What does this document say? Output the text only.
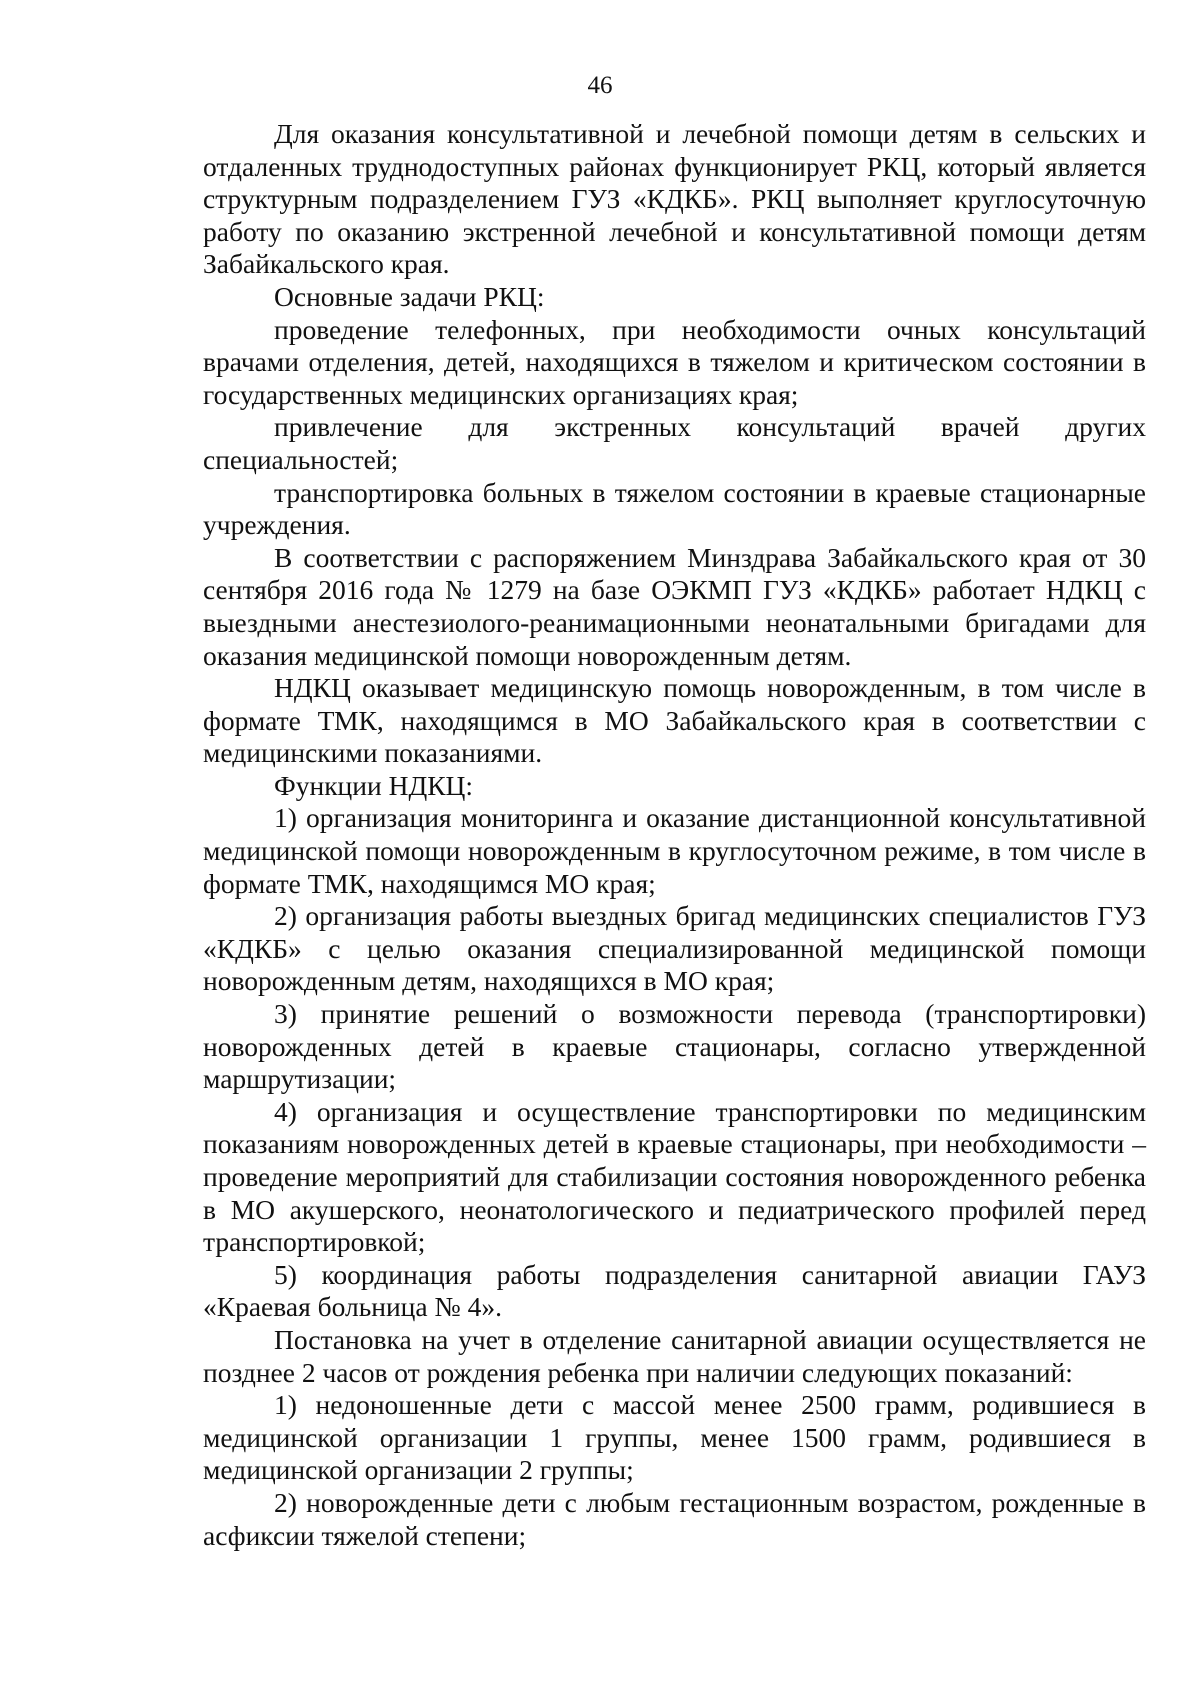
46

Для оказания консультативной и лечебной помощи детям в сельских и отдаленных труднодоступных районах функционирует РКЦ, который является структурным подразделением ГУЗ «КДКБ». РКЦ выполняет круглосуточную работу по оказанию экстренной лечебной и консультативной помощи детям Забайкальского края.

Основные задачи РКЦ:

проведение телефонных, при необходимости очных консультаций врачами отделения, детей, находящихся в тяжелом и критическом состоянии в государственных медицинских организациях края;

привлечение для экстренных консультаций врачей других специальностей;

транспортировка больных в тяжелом состоянии в краевые стационарные учреждения.

В соответствии с распоряжением Минздрава Забайкальского края от 30 сентября 2016 года № 1279 на базе ОЭКМП ГУЗ «КДКБ» работает НДКЦ с выездными анестезиолого-реанимационными неонатальными бригадами для оказания медицинской помощи новорожденным детям.

НДКЦ оказывает медицинскую помощь новорожденным, в том числе в формате ТМК, находящимся в МО Забайкальского края в соответствии с медицинскими показаниями.

Функции НДКЦ:

1) организация мониторинга и оказание дистанционной консультативной медицинской помощи новорожденным в круглосуточном режиме, в том числе в формате ТМК, находящимся МО края;

2) организация работы выездных бригад медицинских специалистов ГУЗ «КДКБ» с целью оказания специализированной медицинской помощи новорожденным детям, находящихся в МО края;

3) принятие решений о возможности перевода (транспортировки) новорожденных детей в краевые стационары, согласно утвержденной маршрутизации;

4) организация и осуществление транспортировки по медицинским показаниям новорожденных детей в краевые стационары, при необходимости – проведение мероприятий для стабилизации состояния новорожденного ребенка в МО акушерского, неонатологического и педиатрического профилей перед транспортировкой;

5) координация работы подразделения санитарной авиации ГАУЗ «Краевая больница № 4».

Постановка на учет в отделение санитарной авиации осуществляется не позднее 2 часов от рождения ребенка при наличии следующих показаний:

1) недоношенные дети с массой менее 2500 грамм, родившиеся в медицинской организации 1 группы, менее 1500 грамм, родившиеся в медицинской организации 2 группы;

2) новорожденные дети с любым гестационным возрастом, рожденные в асфиксии тяжелой степени;
